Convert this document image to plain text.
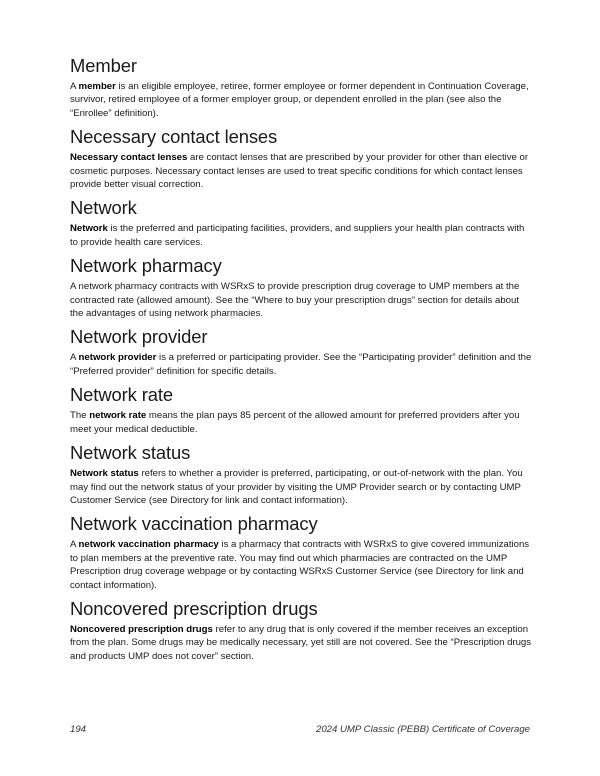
Member

A member is an eligible employee, retiree, former employee or former dependent in Continuation Coverage, survivor, retired employee of a former employer group, or dependent enrolled in the plan (see also the “Enrollee” definition).

Necessary contact lenses

Necessary contact lenses are contact lenses that are prescribed by your provider for other than elective or cosmetic purposes. Necessary contact lenses are used to treat specific conditions for which contact lenses provide better visual correction.

Network

Network is the preferred and participating facilities, providers, and suppliers your health plan contracts with to provide health care services.

Network pharmacy

A network pharmacy contracts with WSRxS to provide prescription drug coverage to UMP members at the contracted rate (allowed amount). See the “Where to buy your prescription drugs” section for details about the advantages of using network pharmacies.

Network provider

A network provider is a preferred or participating provider. See the “Participating provider” definition and the “Preferred provider” definition for specific details.

Network rate

The network rate means the plan pays 85 percent of the allowed amount for preferred providers after you meet your medical deductible.

Network status

Network status refers to whether a provider is preferred, participating, or out-of-network with the plan. You may find out the network status of your provider by visiting the UMP Provider search or by contacting UMP Customer Service (see Directory for link and contact information).

Network vaccination pharmacy

A network vaccination pharmacy is a pharmacy that contracts with WSRxS to give covered immunizations to plan members at the preventive rate. You may find out which pharmacies are contracted on the UMP Prescription drug coverage webpage or by contacting WSRxS Customer Service (see Directory for link and contact information).

Noncovered prescription drugs

Noncovered prescription drugs refer to any drug that is only covered if the member receives an exception from the plan. Some drugs may be medically necessary, yet still are not covered. See the “Prescription drugs and products UMP does not cover” section.

194	2024 UMP Classic (PEBB) Certificate of Coverage
